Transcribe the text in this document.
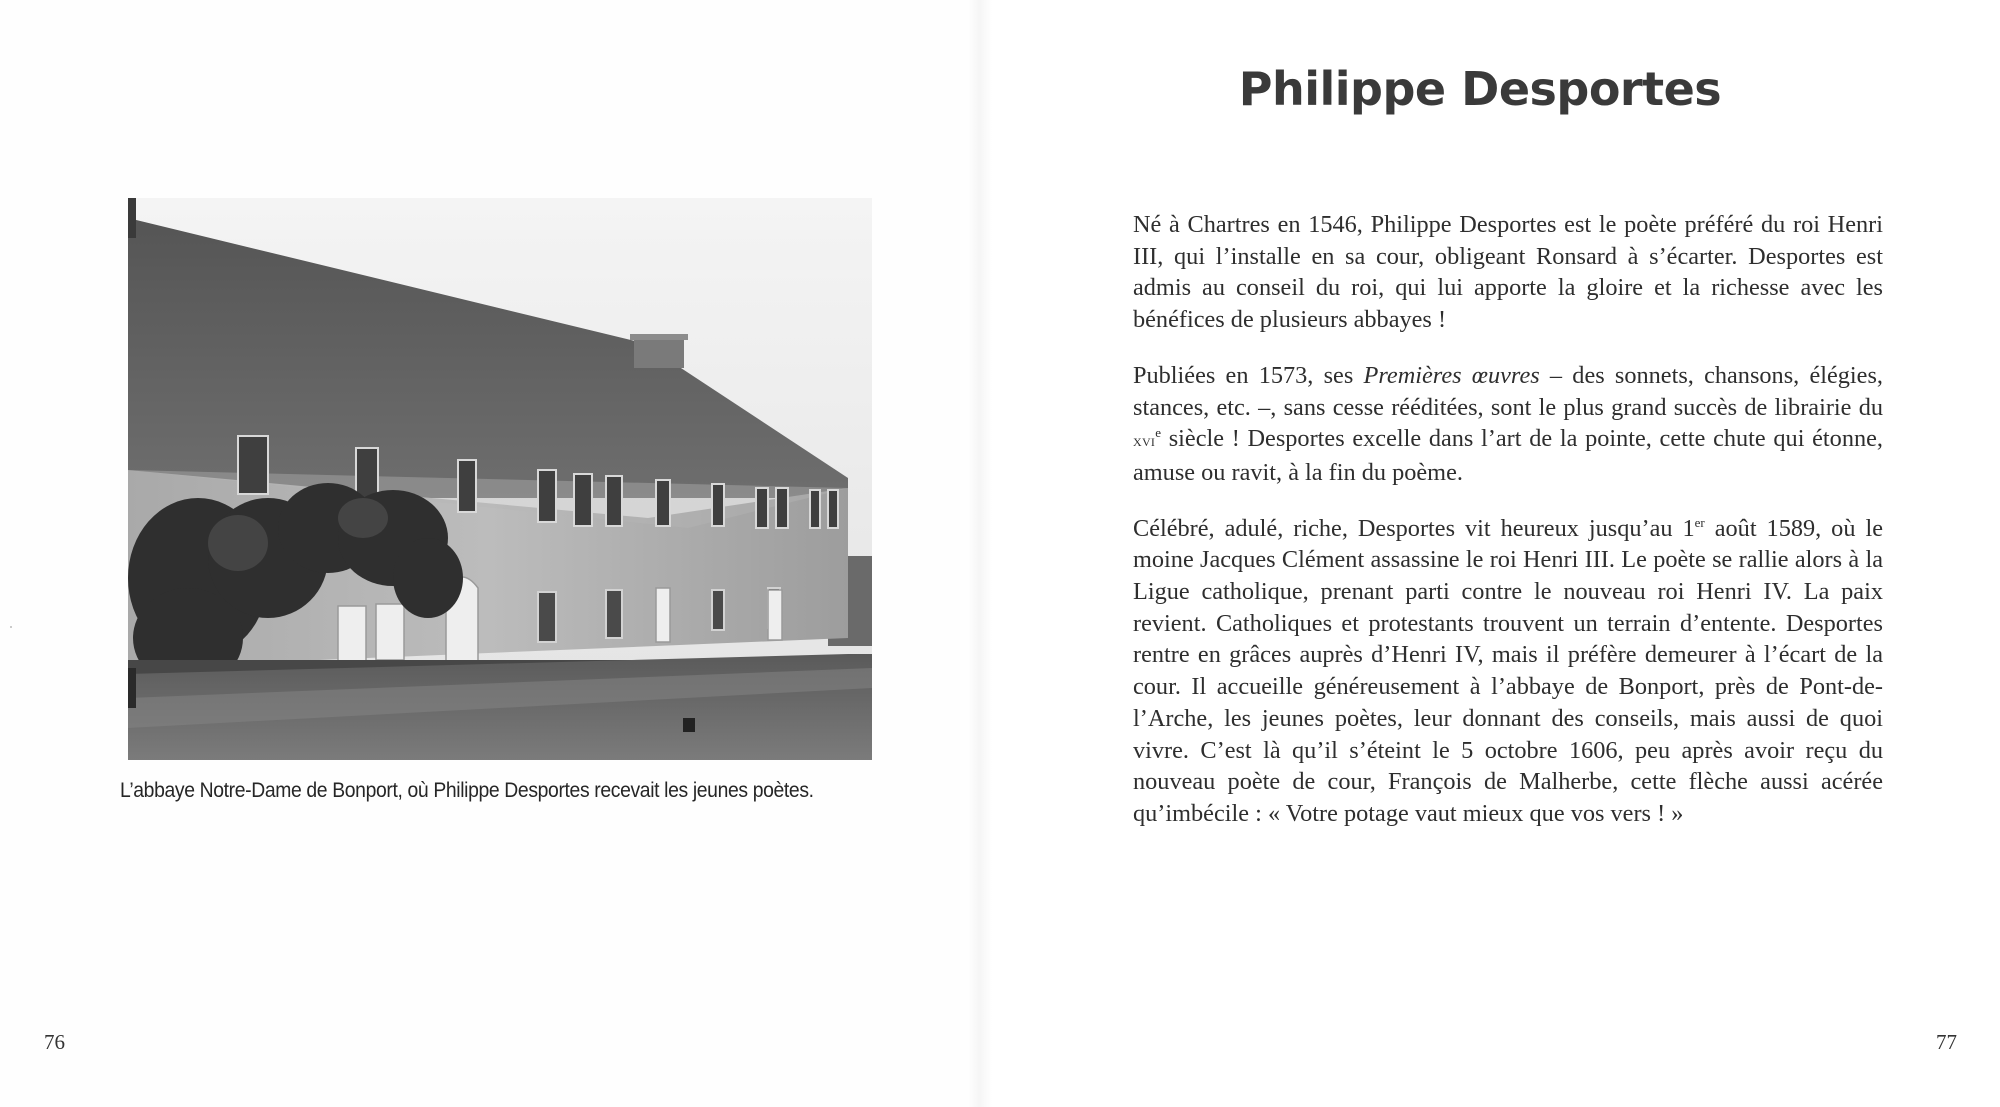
L’abbaye Notre-Dame de Bonport, où Philippe Desportes recevait les jeunes poètes.
76
Philippe Desportes

Né à Chartres en 1546, Philippe Desportes est le poète préféré du roi Henri III, qui l’installe en sa cour, obligeant Ronsard à s’écarter. Desportes est admis au conseil du roi, qui lui apporte la gloire et la richesse avec les bénéfices de plusieurs abbayes !

Publiées en 1573, ses Premières œuvres – des sonnets, chansons, élégies, stances, etc. –, sans cesse rééditées, sont le plus grand succès de librairie du xvi$^e$ siècle ! Desportes excelle dans l’art de la pointe, cette chute qui étonne, amuse ou ravit, à la fin du poème.

Célébré, adulé, riche, Desportes vit heureux jusqu’au 1er août 1589, où le moine Jacques Clément assassine le roi Henri III. Le poète se rallie alors à la Ligue catholique, prenant parti contre le nouveau roi Henri IV. La paix revient. Catholiques et protestants trouvent un terrain d’entente. Desportes rentre en grâces auprès d’Henri IV, mais il préfère demeurer à l’écart de la cour. Il accueille généreusement à l’abbaye de Bonport, près de Pont-de-l’Arche, les jeunes poètes, leur donnant des conseils, mais aussi de quoi vivre. C’est là qu’il s’éteint le 5 octobre 1606, peu après avoir reçu du nouveau poète de cour, François de Malherbe, cette flèche aussi acérée qu’imbécile : « Votre potage vaut mieux que vos vers ! »

77
